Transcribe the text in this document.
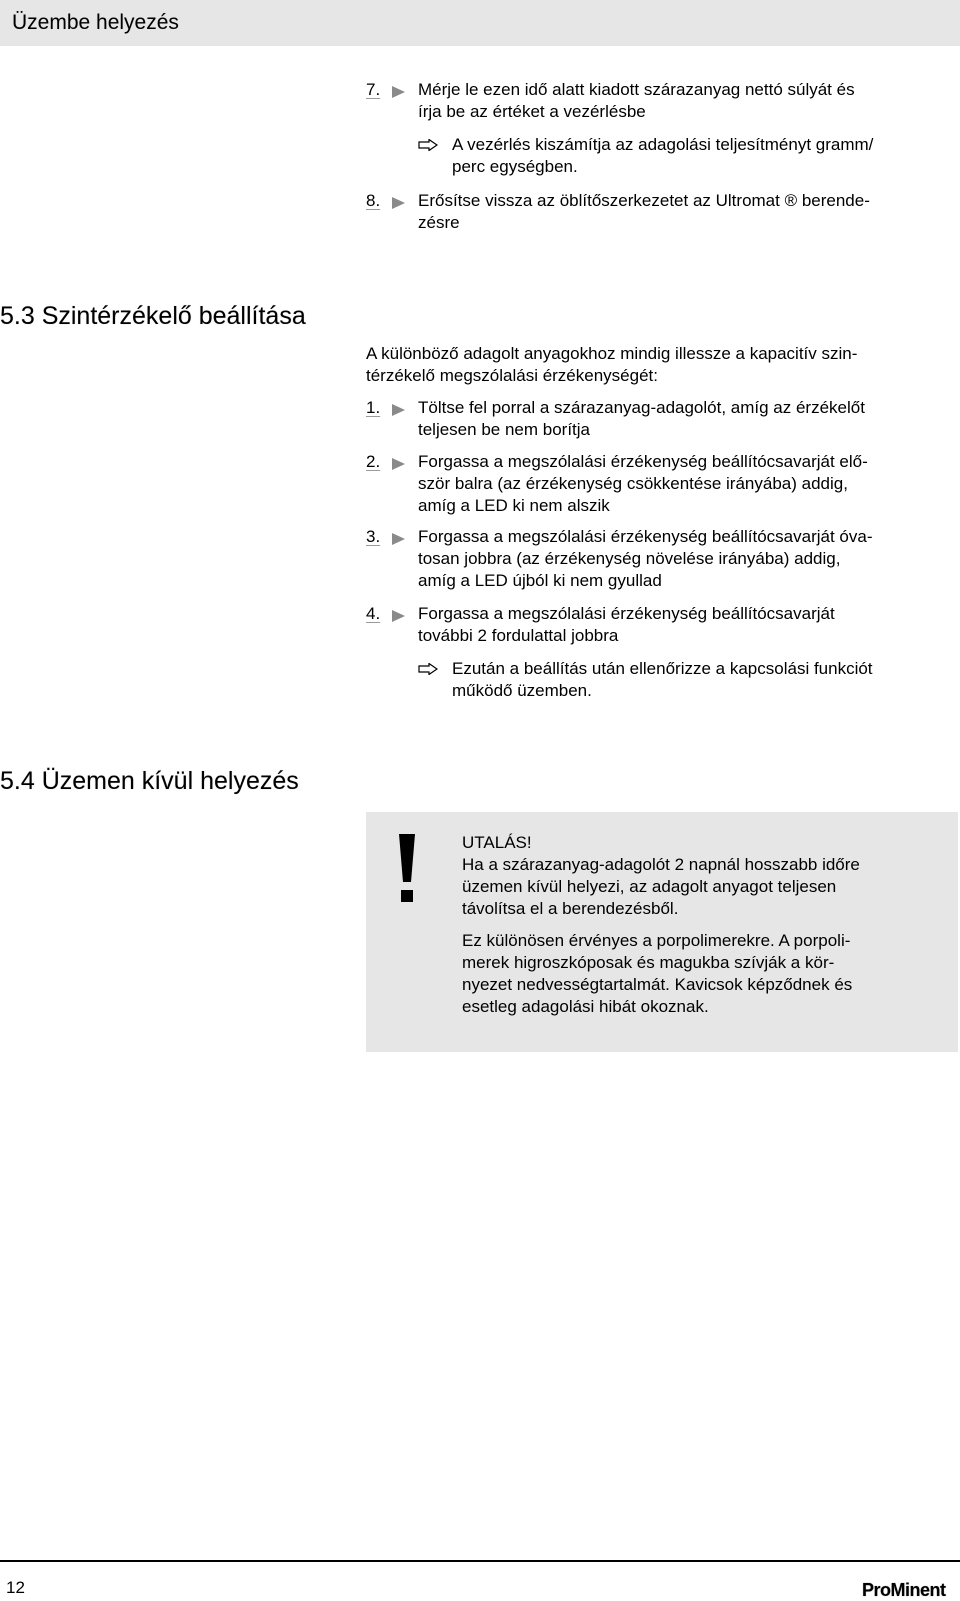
Üzembe helyezés
7.	Mérje le ezen idő alatt kiadott szárazanyag nettó súlyát és
írja be az értéket a vezérlésbe
A vezérlés kiszámítja az adagolási teljesítményt gramm/
perc egységben.
8.	Erősítse vissza az öblítőszerkezetet az Ultromat ® berende-
zésre
5.3 Szintérzékelő beállítása
A különböző adagolt anyagokhoz mindig illessze a kapacitív szin-
térzékelő megszólalási érzékenységét:
1.	Töltse fel porral a szárazanyag-adagolót, amíg az érzékelőt
teljesen be nem borítja
2.	Forgassa a megszólalási érzékenység beállítócsavarját elő-
ször balra (az érzékenység csökkentése irányába) addig,
amíg a LED ki nem alszik
3.	Forgassa a megszólalási érzékenység beállítócsavarját óva-
tosan jobbra (az érzékenység növelése irányába) addig,
amíg a LED újból ki nem gyullad
4.	Forgassa a megszólalási érzékenység beállítócsavarját
további 2 fordulattal jobbra
Ezután a beállítás után ellenőrizze a kapcsolási funkciót
működő üzemben.
5.4 Üzemen kívül helyezés
UTALÁS!
Ha a szárazanyag-adagolót 2 napnál hosszabb időre
üzemen kívül helyezi, az adagolt anyagot teljesen
távolítsa el a berendezésből.
Ez különösen érvényes a porpolimerekre. A porpoli-
merek higroszkóposak és magukba szívják a kör-
nyezet nedvességtartalmát. Kavicsok képződnek és
esetleg adagolási hibát okoznak.
12	ProMinent
